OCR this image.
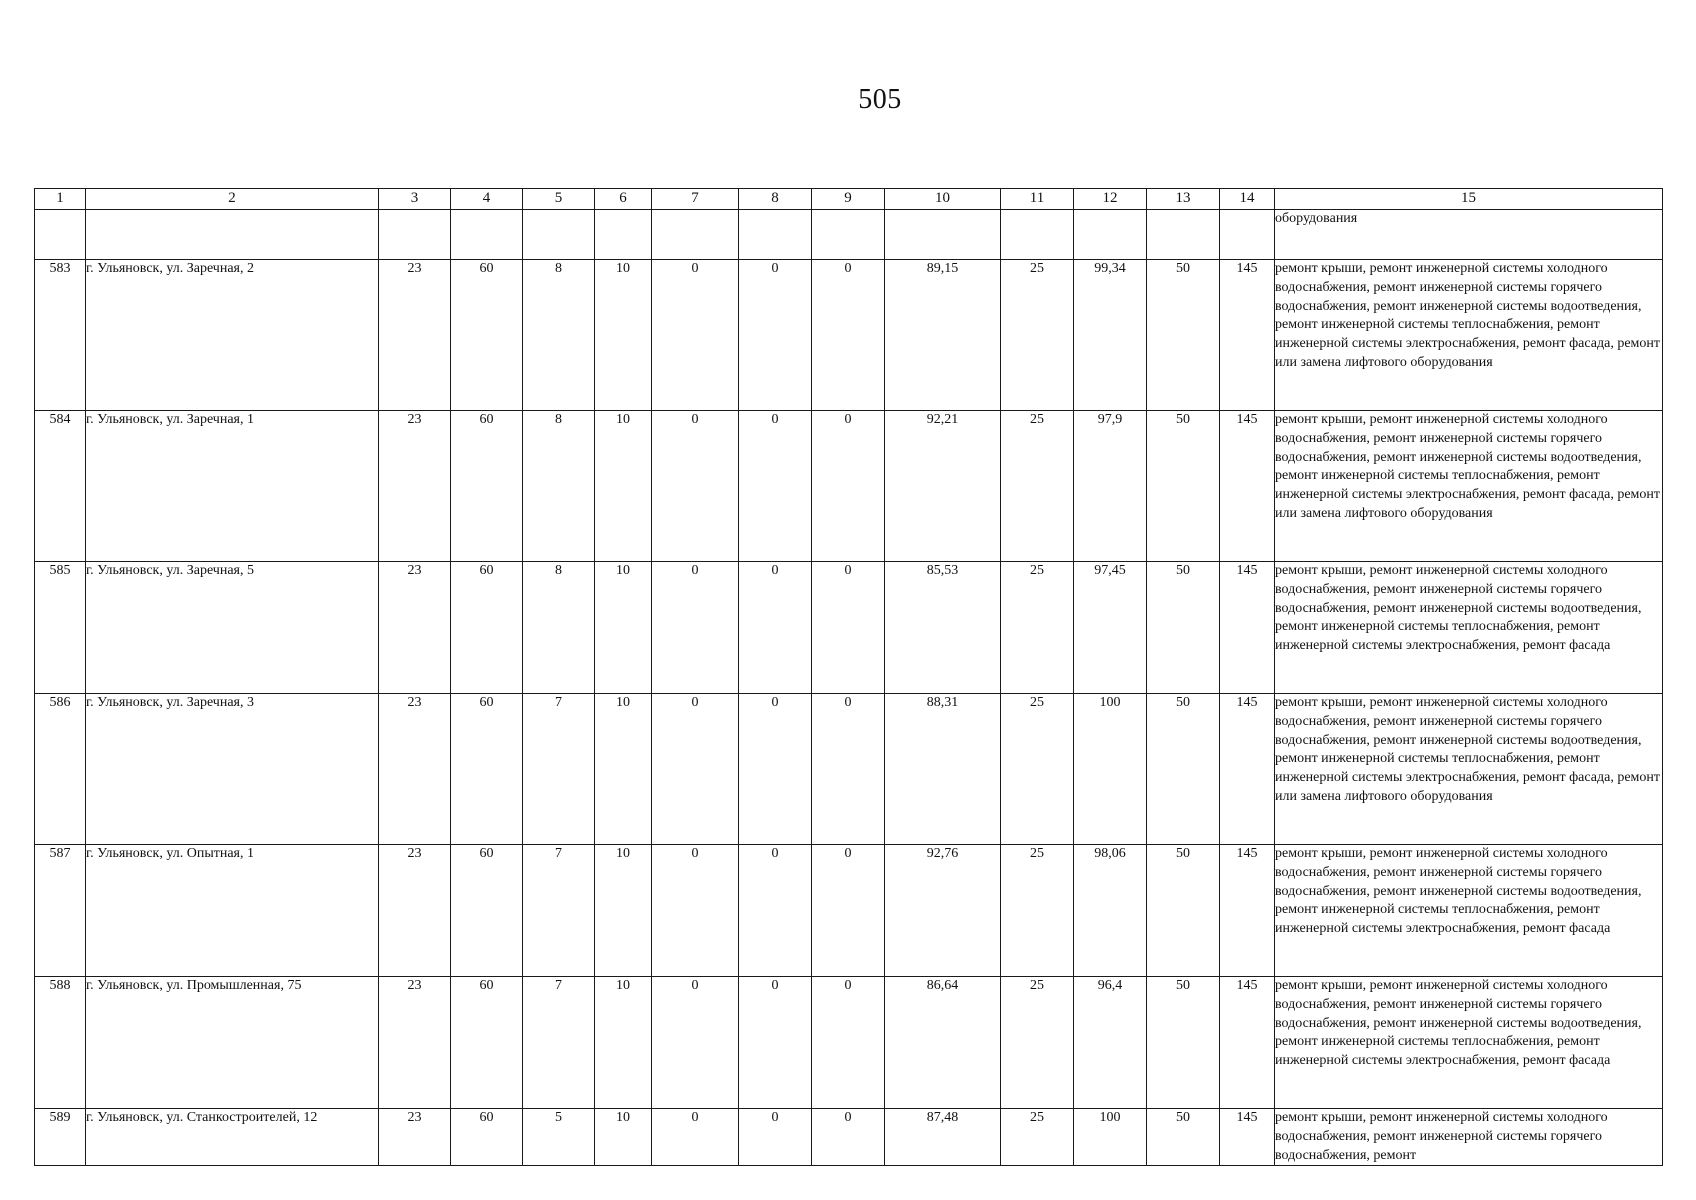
505
1	2	3	4	5	6	7	8	9	10	11	12	13	14	15
														оборудования
583	г. Ульяновск, ул. Заречная, 2	23	60	8	10	0	0	0	89,15	25	99,34	50	145	ремонт крыши, ремонт инженерной системы холодного водоснабжения, ремонт инженерной системы горячего водоснабжения, ремонт инженерной системы водоотведения, ремонт инженерной системы теплоснабжения, ремонт инженерной системы электроснабжения, ремонт фасада, ремонт или замена лифтового оборудования
584	г. Ульяновск, ул. Заречная, 1	23	60	8	10	0	0	0	92,21	25	97,9	50	145	ремонт крыши, ремонт инженерной системы холодного водоснабжения, ремонт инженерной системы горячего водоснабжения, ремонт инженерной системы водоотведения, ремонт инженерной системы теплоснабжения, ремонт инженерной системы электроснабжения, ремонт фасада, ремонт или замена лифтового оборудования
585	г. Ульяновск, ул. Заречная, 5	23	60	8	10	0	0	0	85,53	25	97,45	50	145	ремонт крыши, ремонт инженерной системы холодного водоснабжения, ремонт инженерной системы горячего водоснабжения, ремонт инженерной системы водоотведения, ремонт инженерной системы теплоснабжения, ремонт инженерной системы электроснабжения, ремонт фасада
586	г. Ульяновск, ул. Заречная, 3	23	60	7	10	0	0	0	88,31	25	100	50	145	ремонт крыши, ремонт инженерной системы холодного водоснабжения, ремонт инженерной системы горячего водоснабжения, ремонт инженерной системы водоотведения, ремонт инженерной системы теплоснабжения, ремонт инженерной системы электроснабжения, ремонт фасада, ремонт или замена лифтового оборудования
587	г. Ульяновск, ул. Опытная, 1	23	60	7	10	0	0	0	92,76	25	98,06	50	145	ремонт крыши, ремонт инженерной системы холодного водоснабжения, ремонт инженерной системы горячего водоснабжения, ремонт инженерной системы водоотведения, ремонт инженерной системы теплоснабжения, ремонт инженерной системы электроснабжения, ремонт фасада
588	г. Ульяновск, ул. Промышленная, 75	23	60	7	10	0	0	0	86,64	25	96,4	50	145	ремонт крыши, ремонт инженерной системы холодного водоснабжения, ремонт инженерной системы горячего водоснабжения, ремонт инженерной системы водоотведения, ремонт инженерной системы теплоснабжения, ремонт инженерной системы электроснабжения, ремонт фасада
589	г. Ульяновск, ул. Станкостроителей, 12	23	60	5	10	0	0	0	87,48	25	100	50	145	ремонт крыши, ремонт инженерной системы холодного водоснабжения, ремонт инженерной системы горячего водоснабжения, ремонт
